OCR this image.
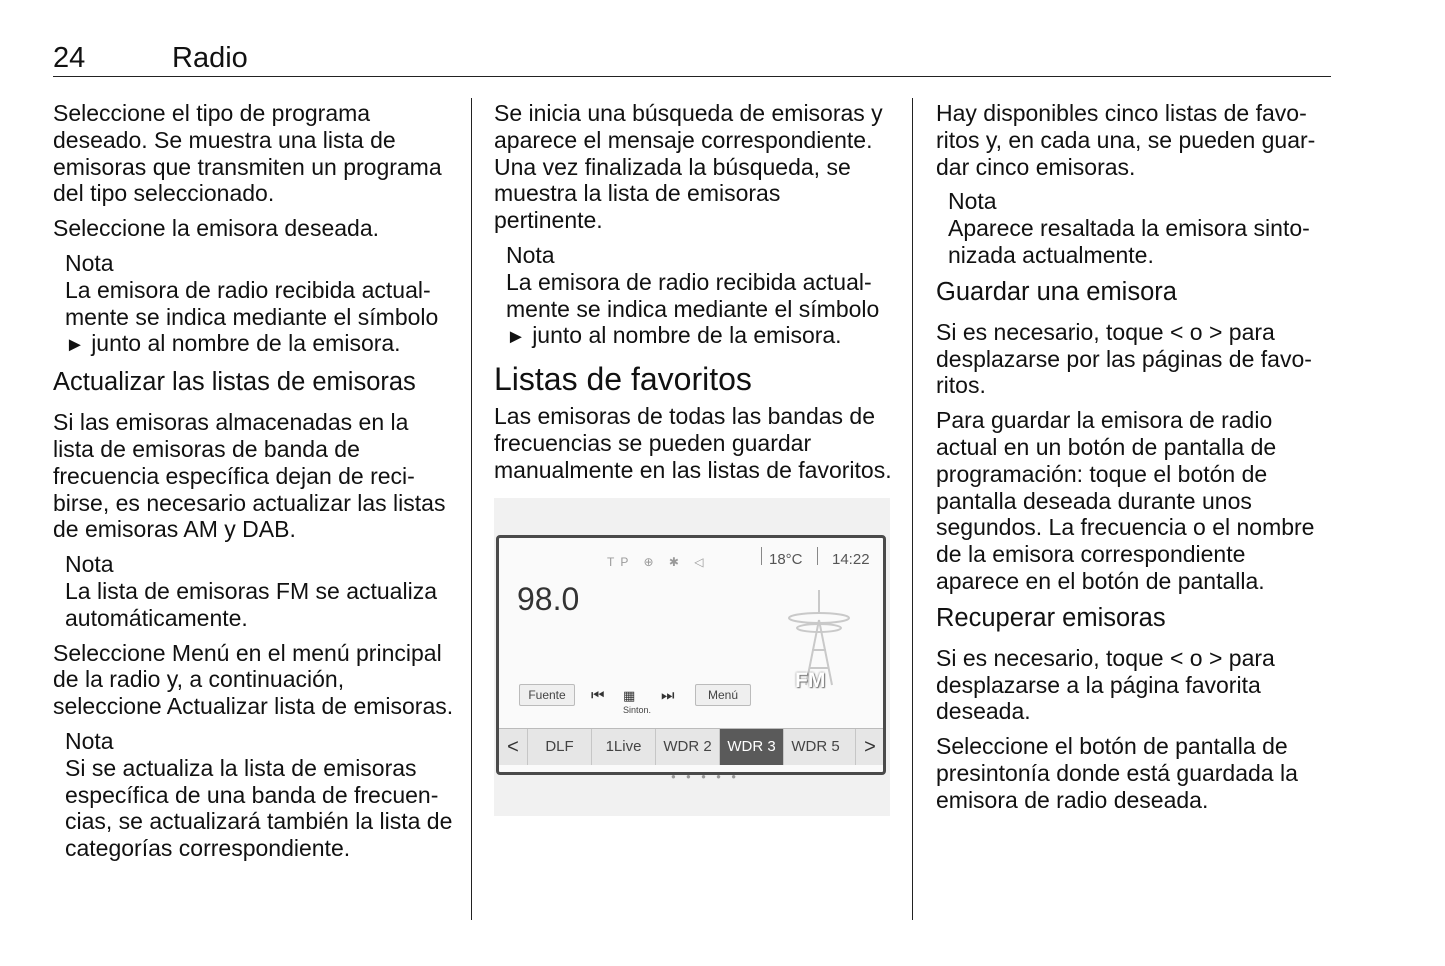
24	Radio

Seleccione el tipo de programa deseado. Se muestra una lista de emisoras que transmiten un programa del tipo seleccionado.

Seleccione la emisora deseada.

Nota
La emisora de radio recibida actualmente se indica mediante el símbolo ► junto al nombre de la emisora.
Actualizar las listas de emisoras

Si las emisoras almacenadas en la lista de emisoras de banda de frecuencia específica dejan de recibirse, es necesario actualizar las listas de emisoras AM y DAB.

Nota
La lista de emisoras FM se actualiza automáticamente.

Seleccione Menú en el menú principal de la radio y, a continuación, seleccione Actualizar lista de emisoras.

Nota
Si se actualiza la lista de emisoras específica de una banda de frecuencias, se actualizará también la lista de categorías correspondiente.

Se inicia una búsqueda de emisoras y aparece el mensaje correspondiente. Una vez finalizada la búsqueda, se muestra la lista de emisoras pertinente.

Nota
La emisora de radio recibida actualmente se indica mediante el símbolo ► junto al nombre de la emisora.
Listas de favoritos

Las emisoras de todas las bandas de frecuencias se pueden guardar manualmente en las listas de favoritos.

TP ⊕ ✱ ◁	18°C 14:22
98.0
FM
Fuente	⏮ ▦
Sinton.
⏭	Menú
<	DLF	1Live	WDR 2	WDR 3	WDR 5	>
● ● ● ● ●

Hay disponibles cinco listas de favoritos y, en cada una, se pueden guardar cinco emisoras.

Nota
Aparece resaltada la emisora sintonizada actualmente.
Guardar una emisora

Si es necesario, toque < o > para desplazarse por las páginas de favoritos.

Para guardar la emisora de radio actual en un botón de pantalla de programación: toque el botón de pantalla deseada durante unos segundos. La frecuencia o el nombre de la emisora correspondiente aparece en el botón de pantalla.

Recuperar emisoras

Si es necesario, toque < o > para desplazarse a la página favorita deseada.

Seleccione el botón de pantalla de presintonía donde está guardada la emisora de radio deseada.
